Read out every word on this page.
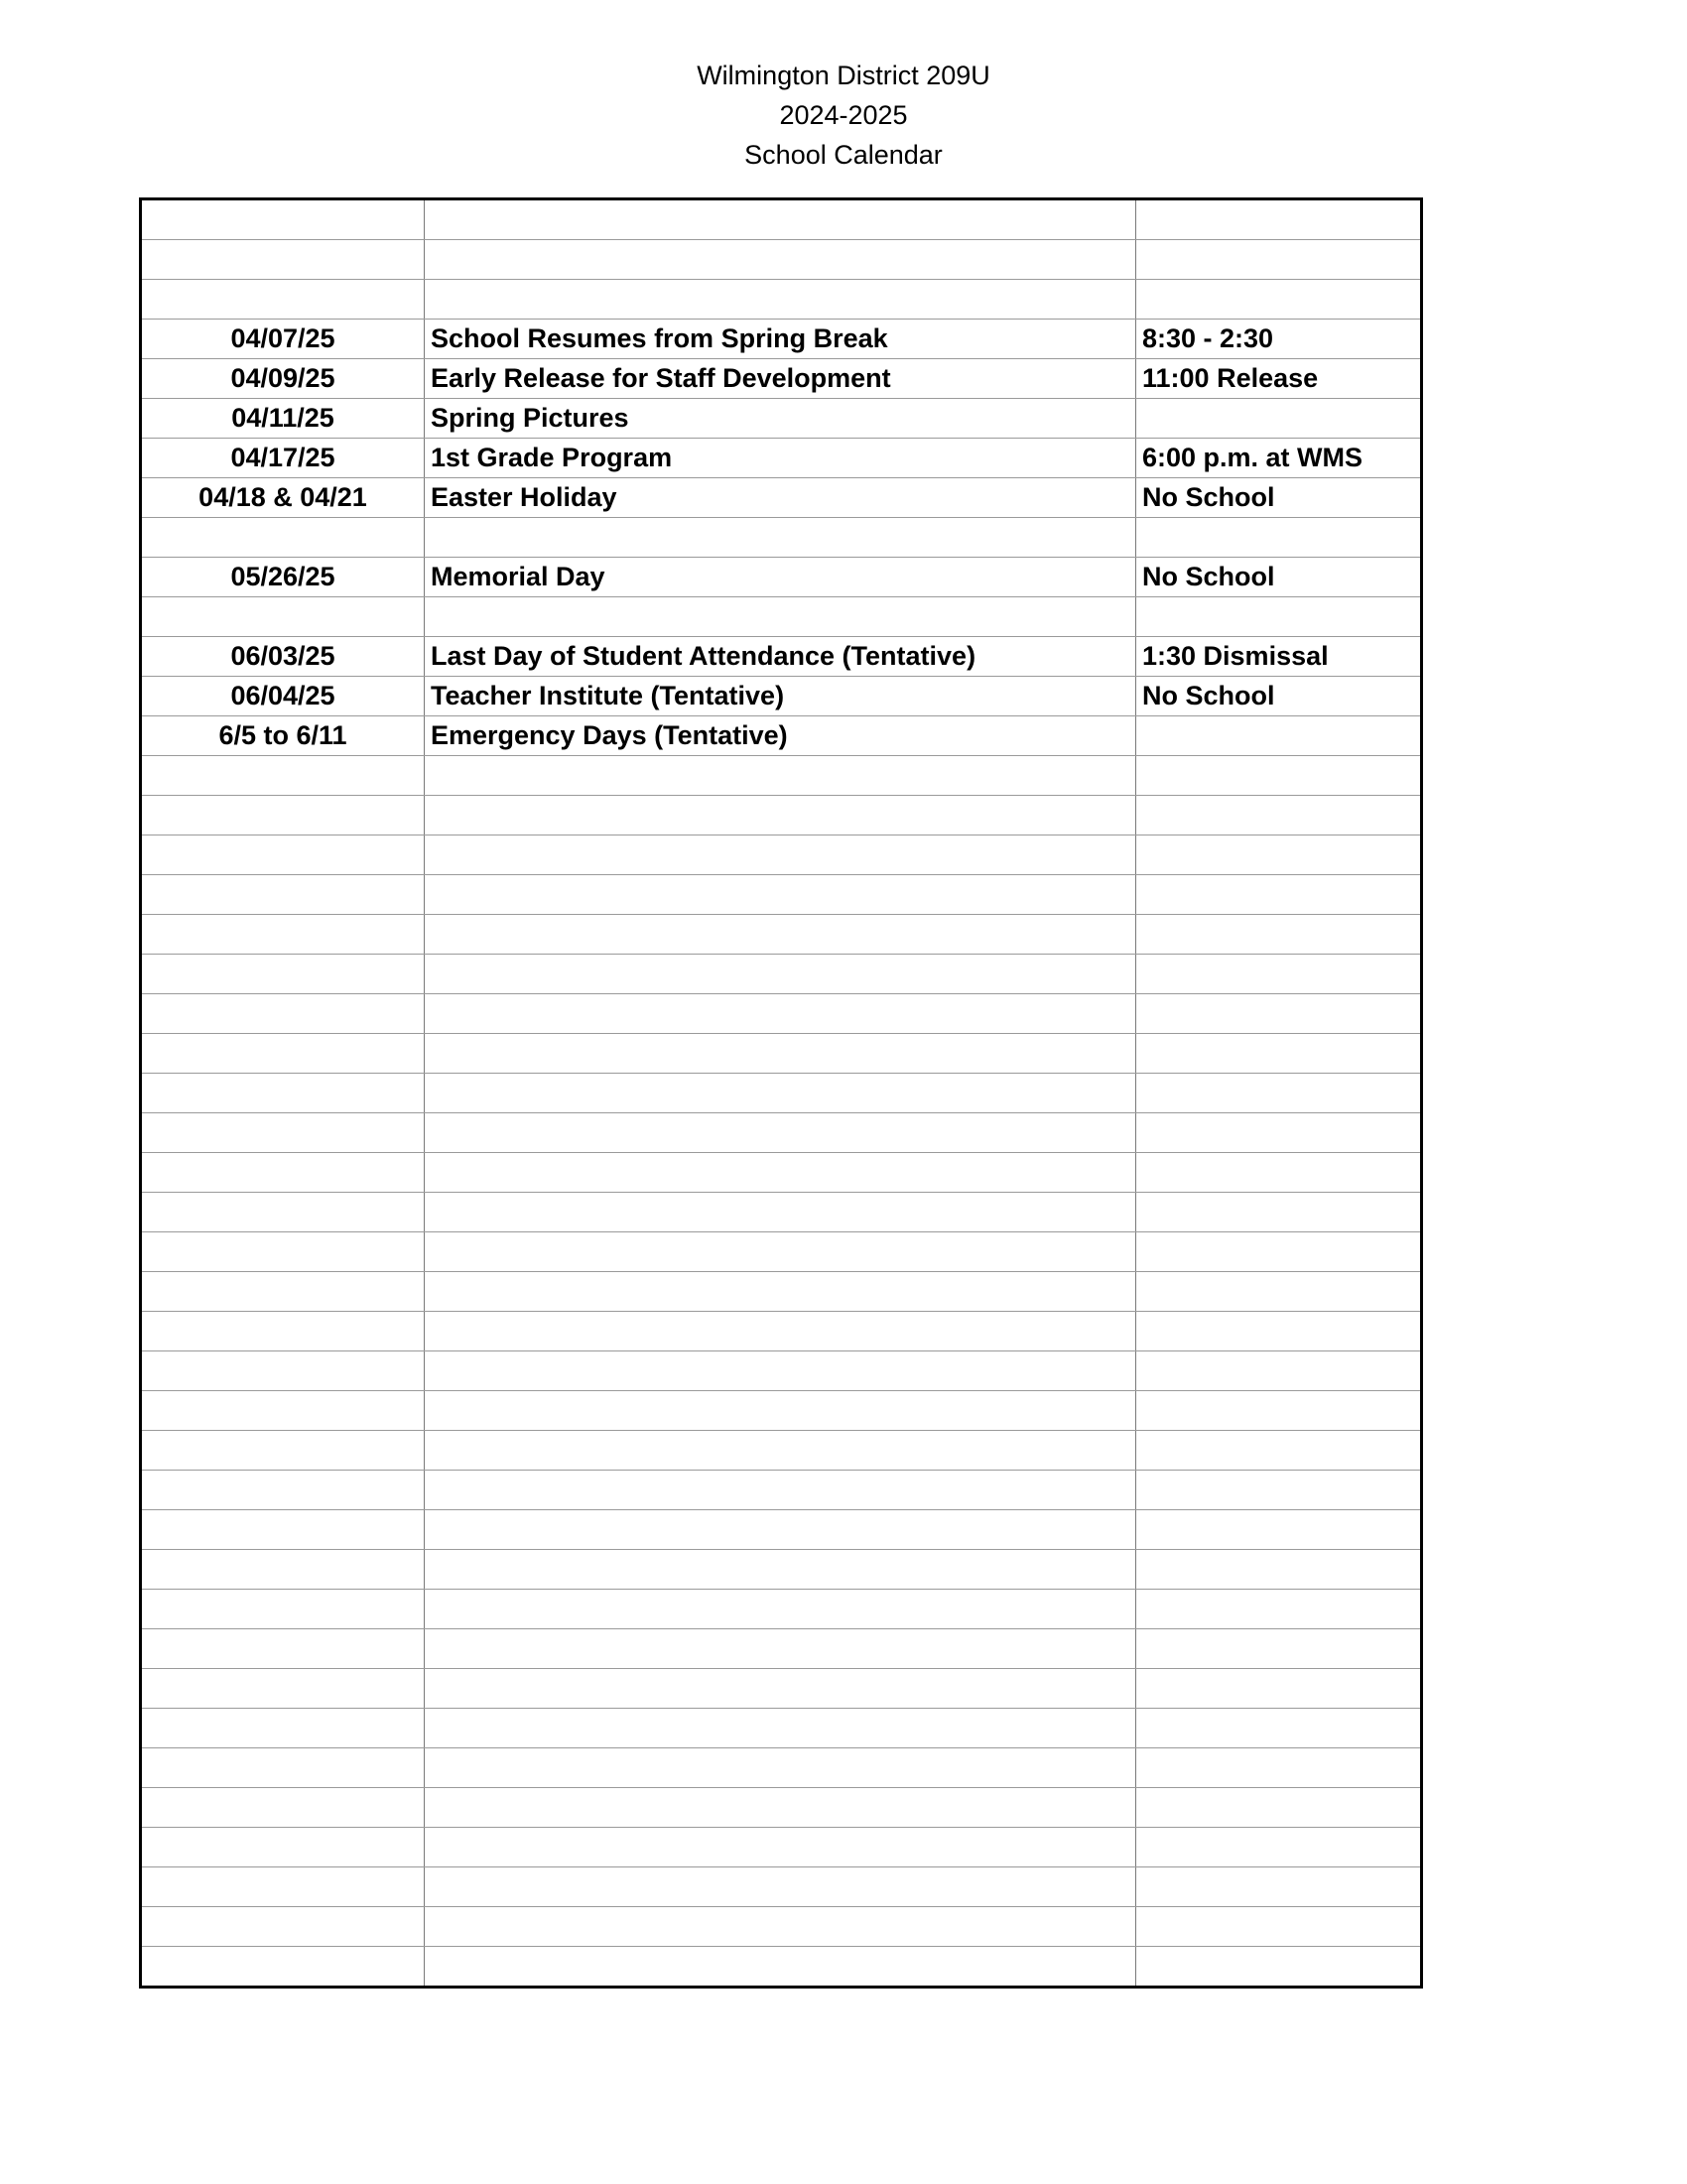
Wilmington District 209U
2024-2025
School Calendar

04/07/25	School Resumes from Spring Break	8:30 - 2:30
04/09/25	Early Release for Staff Development	11:00 Release
04/11/25	Spring Pictures	
04/17/25	1st Grade Program	6:00 p.m. at WMS
04/18 & 04/21	Easter Holiday	No School

05/26/25	Memorial Day	No School

06/03/25	Last Day of Student Attendance (Tentative)	1:30 Dismissal
06/04/25	Teacher Institute (Tentative)	No School
6/5 to 6/11	Emergency Days (Tentative)	
